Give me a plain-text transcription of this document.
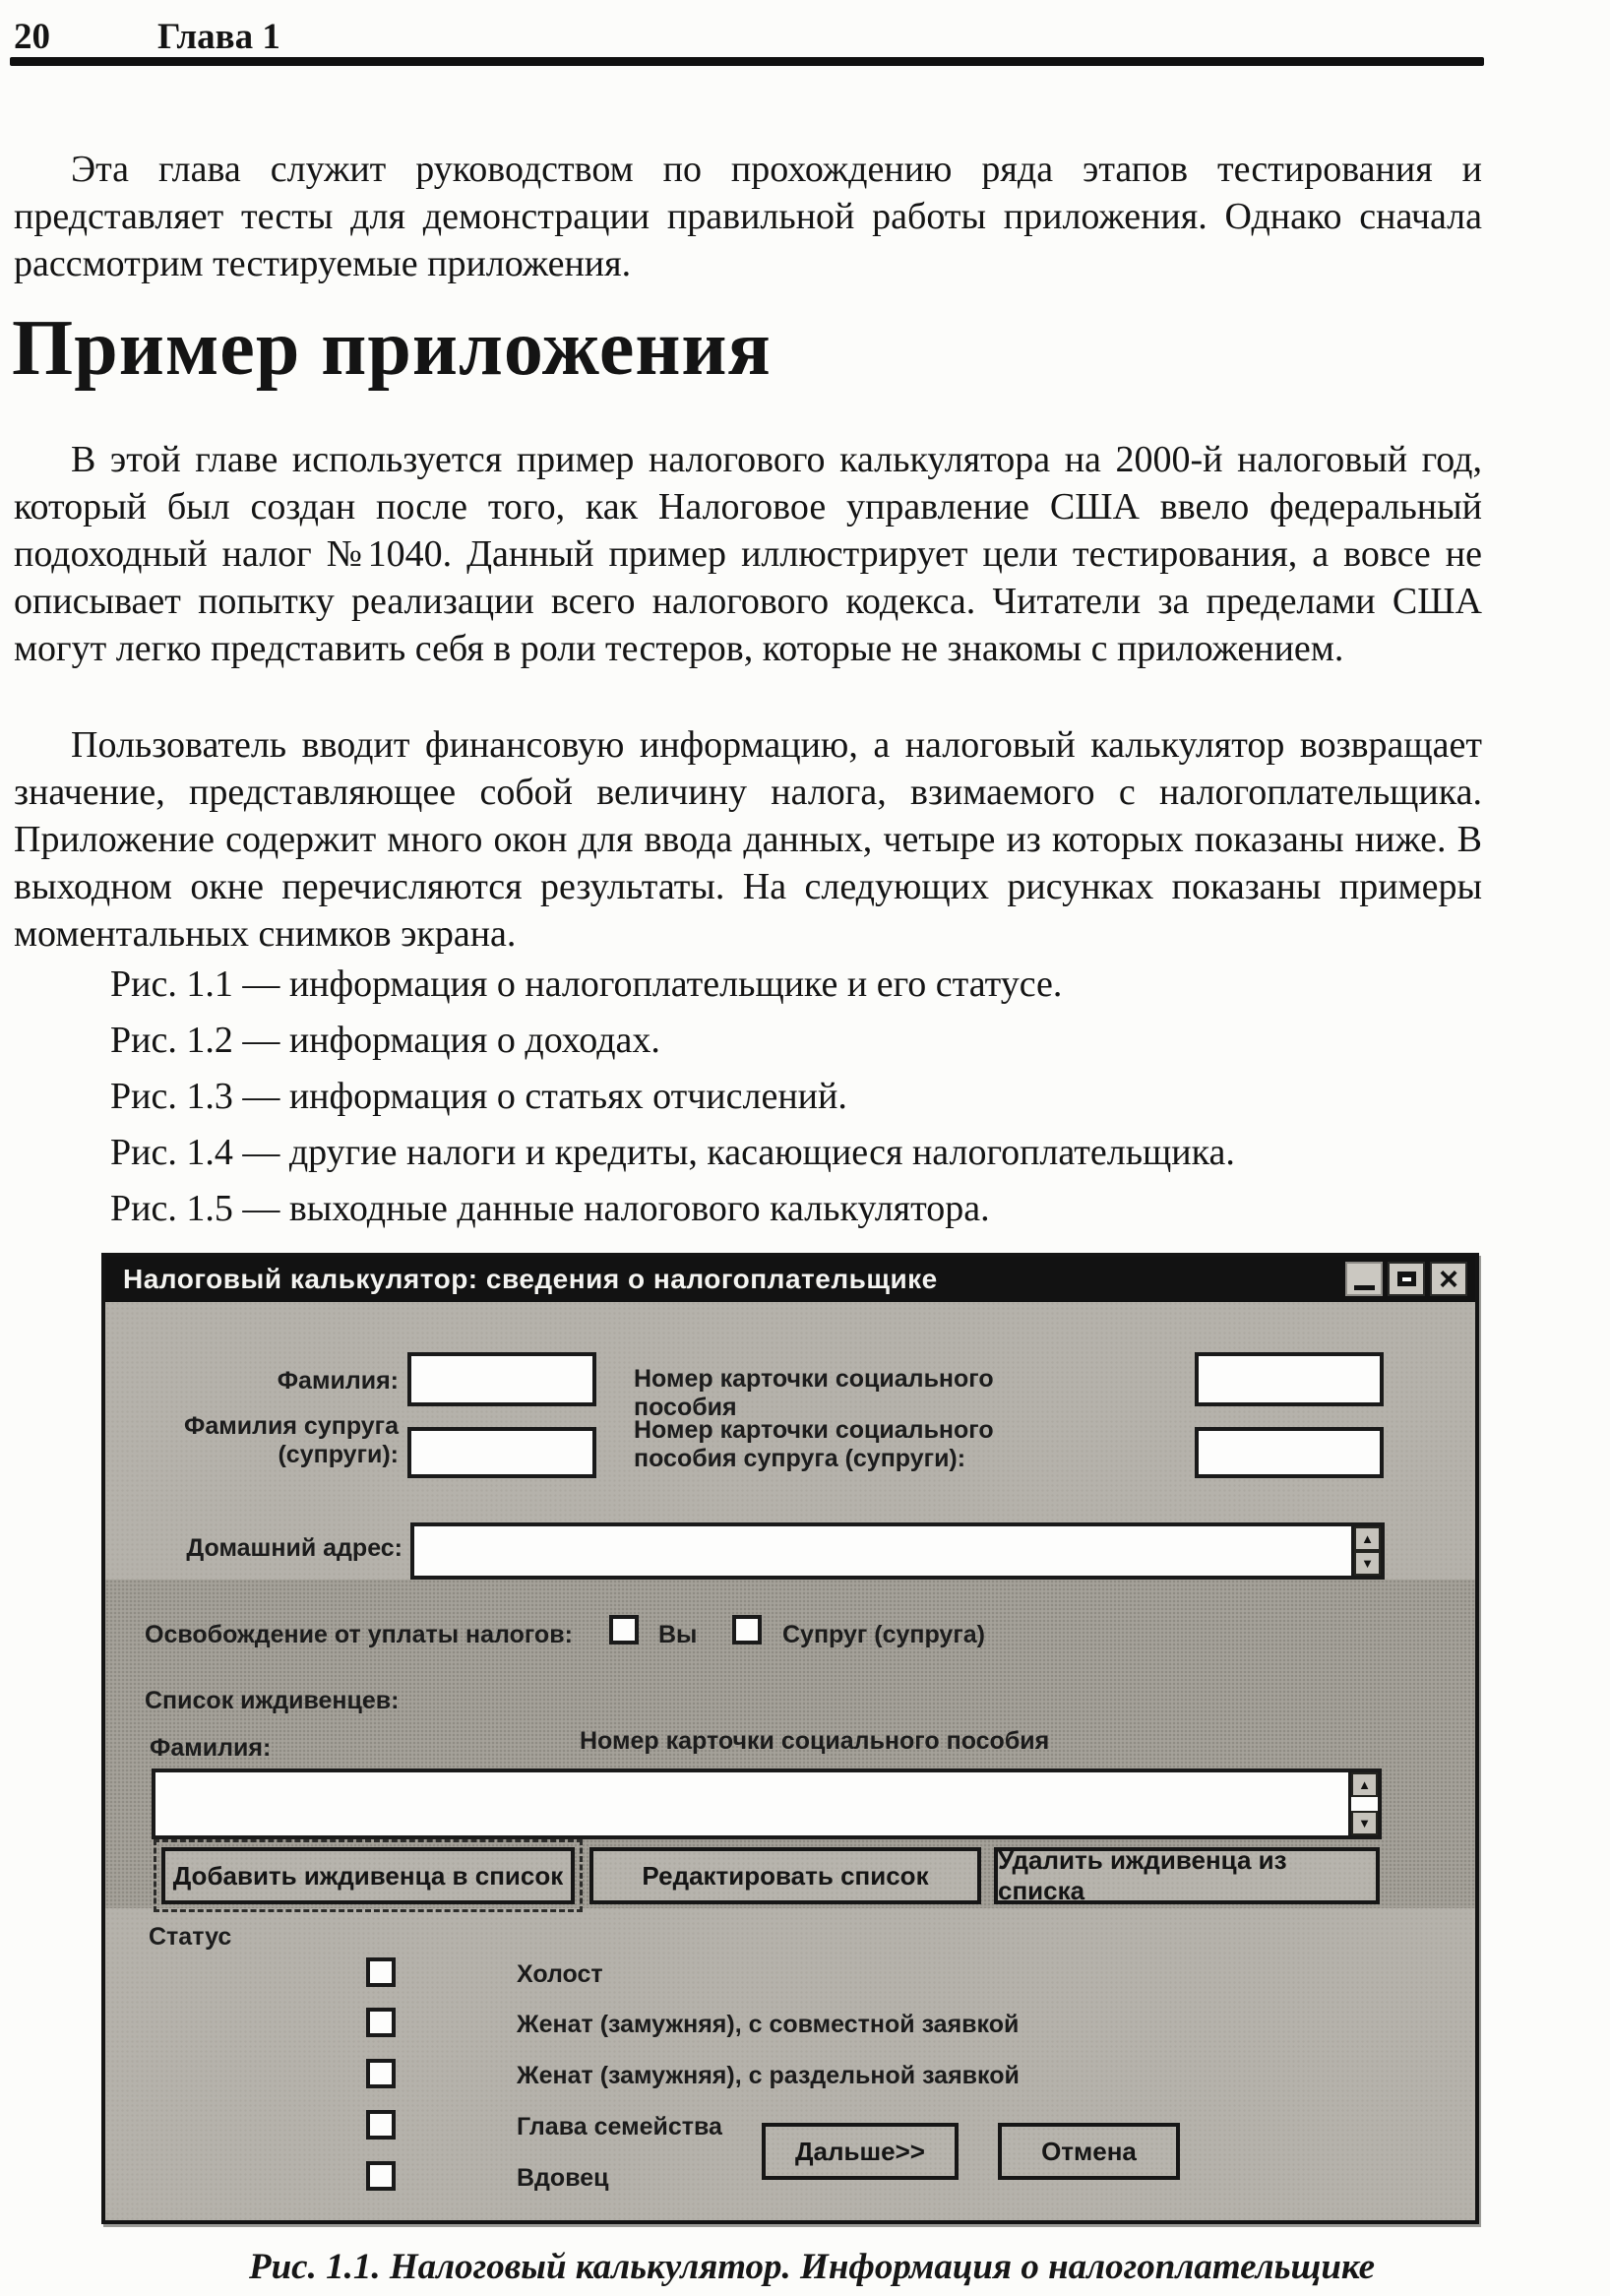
20	Глава 1

Эта глава служит руководством по прохождению ряда этапов тестирования и представляет тесты для демонстрации правильной работы приложения. Однако сначала рассмотрим тестируемые приложения.

Пример приложения

В этой главе используется пример налогового калькулятора на 2000-й налоговый год, который был создан после того, как Налоговое управление США ввело федеральный подоходный налог №1040. Данный пример иллюстрирует цели тестирования, а вовсе не описывает попытку реализации всего налогового кодекса. Читатели за пределами США могут легко представить себя в роли тестеров, которые не знакомы с приложением.

Пользователь вводит финансовую информацию, а налоговый калькулятор возвращает значение, представляющее собой величину налога, взимаемого с налогоплательщика. Приложение содержит много окон для ввода данных, четыре из которых показаны ниже. В выходном окне перечисляются результаты. На следующих рисунках показаны примеры моментальных снимков экрана.

Рис. 1.1 — информация о налогоплательщике и его статусе.
Рис. 1.2 — информация о доходах.
Рис. 1.3 — информация о статьях отчислений.
Рис. 1.4 — другие налоги и кредиты, касающиеся налогоплательщика.
Рис. 1.5 — выходные данные налогового калькулятора.
Налоговый калькулятор: сведения о налогоплательщике	×
Фамилия:	Номер карточки социального пособия
Фамилия супруга (супруги):
Номер карточки социального пособия супруга (супруги):
Домашний адрес:	▲
▼
Освобождение от уплаты налогов:	Вы	Супруг (супруга)
Список иждивенцев:
Фамилия:	Номер карточки социального пособия
▲
▼
Добавить иждивенца в список	Редактировать список
Удалить иждивенца из списка
Статус
Холост
Женат (замужняя), с совместной заявкой
Женат (замужняя), с раздельной заявкой
Глава семейства
Вдовец
Дальше>>	Отмена
Рис. 1.1. Налоговый калькулятор. Информация о налогоплательщике
